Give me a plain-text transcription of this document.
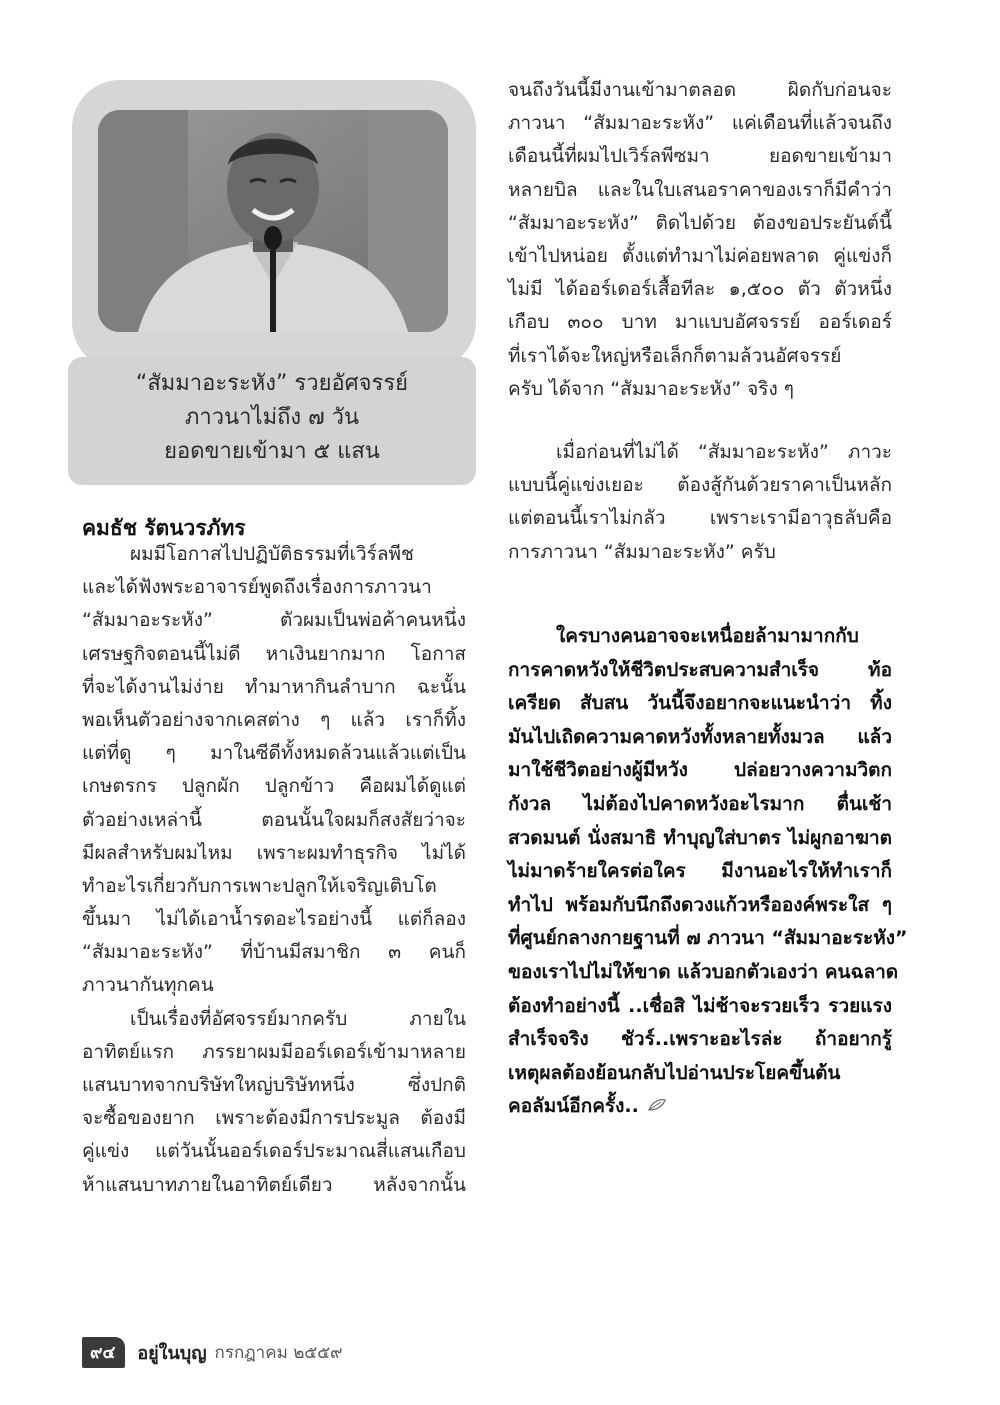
“สัมมาอะระหัง” รวยอัศจรรย์
ภาวนาไม่ถึง ๗ วัน
ยอดขายเข้ามา ๕ แสน
คมธัช รัตนวรภัทร
ผมมีโอกาสไปปฏิบัติธรรมที่เวิร์ลพีช
และได้ฟังพระอาจารย์พูดถึงเรื่องการภาวนา
“สัมมาอะระหัง” ตัวผมเป็นพ่อค้าคนหนึ่ง
เศรษฐกิจตอนนี้ไม่ดี หาเงินยากมาก โอกาส
ที่จะได้งานไม่ง่าย ทำมาหากินลำบาก ฉะนั้น
พอเห็นตัวอย่างจากเคสต่าง ๆ แล้ว เราก็ทิ้ง
แต่ที่ดู ๆ มาในซีดีทั้งหมดล้วนแล้วแต่เป็น
เกษตรกร ปลูกผัก ปลูกข้าว คือผมได้ดูแต่
ตัวอย่างเหล่านี้ ตอนนั้นใจผมก็สงสัยว่าจะ
มีผลสำหรับผมไหม เพราะผมทำธุรกิจ ไม่ได้
ทำอะไรเกี่ยวกับการเพาะปลูกให้เจริญเติบโต
ขึ้นมา ไม่ได้เอาน้ำรดอะไรอย่างนี้ แต่ก็ลอง
“สัมมาอะระหัง” ที่บ้านมีสมาชิก ๓ คนก็
ภาวนากันทุกคน
เป็นเรื่องที่อัศจรรย์มากครับ ภายใน
อาทิตย์แรก ภรรยาผมมีออร์เดอร์เข้ามาหลาย
แสนบาทจากบริษัทใหญ่บริษัทหนึ่ง ซึ่งปกติ
จะซื้อของยาก เพราะต้องมีการประมูล ต้องมี
คู่แข่ง แต่วันนั้นออร์เดอร์ประมาณสี่แสนเกือบ
ห้าแสนบาทภายในอาทิตย์เดียว หลังจากนั้น
จนถึงวันนี้มีงานเข้ามาตลอด ผิดกับก่อนจะ
ภาวนา “สัมมาอะระหัง” แค่เดือนที่แล้วจนถึง
เดือนนี้ที่ผมไปเวิร์ลพีซมา ยอดขายเข้ามา
หลายบิล และในใบเสนอราคาของเราก็มีคำว่า
“สัมมาอะระหัง” ติดไปด้วย ต้องขอประยันต์นี้
เข้าไปหน่อย ตั้งแต่ทำมาไม่ค่อยพลาด คู่แข่งก็
ไม่มี ได้ออร์เดอร์เสื้อทีละ ๑,๕๐๐ ตัว ตัวหนึ่ง
เกือบ ๓๐๐ บาท มาแบบอัศจรรย์ ออร์เดอร์
ที่เราได้จะใหญ่หรือเล็กก็ตามล้วนอัศจรรย์
ครับ ได้จาก “สัมมาอะระหัง” จริง ๆ
เมื่อก่อนที่ไม่ได้ “สัมมาอะระหัง” ภาวะ
แบบนี้คู่แข่งเยอะ ต้องสู้กันด้วยราคาเป็นหลัก
แต่ตอนนี้เราไม่กลัว เพราะเรามีอาวุธลับคือ
การภาวนา “สัมมาอะระหัง” ครับ
ใครบางคนอาจจะเหนื่อยล้ามามากกับ
การคาดหวังให้ชีวิตประสบความสำเร็จ ท้อ
เครียด สับสน วันนี้จึงอยากจะแนะนำว่า ทิ้ง
มันไปเถิดความคาดหวังทั้งหลายทั้งมวล แล้ว
มาใช้ชีวิตอย่างผู้มีหวัง ปล่อยวางความวิตก
กังวล ไม่ต้องไปคาดหวังอะไรมาก ตื่นเช้า
สวดมนต์ นั่งสมาธิ ทำบุญใส่บาตร ไม่ผูกอาฆาต
ไม่มาดร้ายใครต่อใคร มีงานอะไรให้ทำเราก็
ทำไป พร้อมกับนึกถึงดวงแก้วหรือองค์พระใส ๆ
ที่ศูนย์กลางกายฐานที่ ๗ ภาวนา “สัมมาอะระหัง”
ของเราไปไม่ให้ขาด แล้วบอกตัวเองว่า คนฉลาด
ต้องทำอย่างนี้ ..เชื่อสิ ไม่ช้าจะรวยเร็ว รวยแรง
สำเร็จจริง ชัวร์..เพราะอะไรล่ะ ถ้าอยากรู้
เหตุผลต้องย้อนกลับไปอ่านประโยคขึ้นต้น
คอลัมน์อีกครั้ง..
๙๔	อยู่ในบุญ กรกฎาคม ๒๕๕๙
